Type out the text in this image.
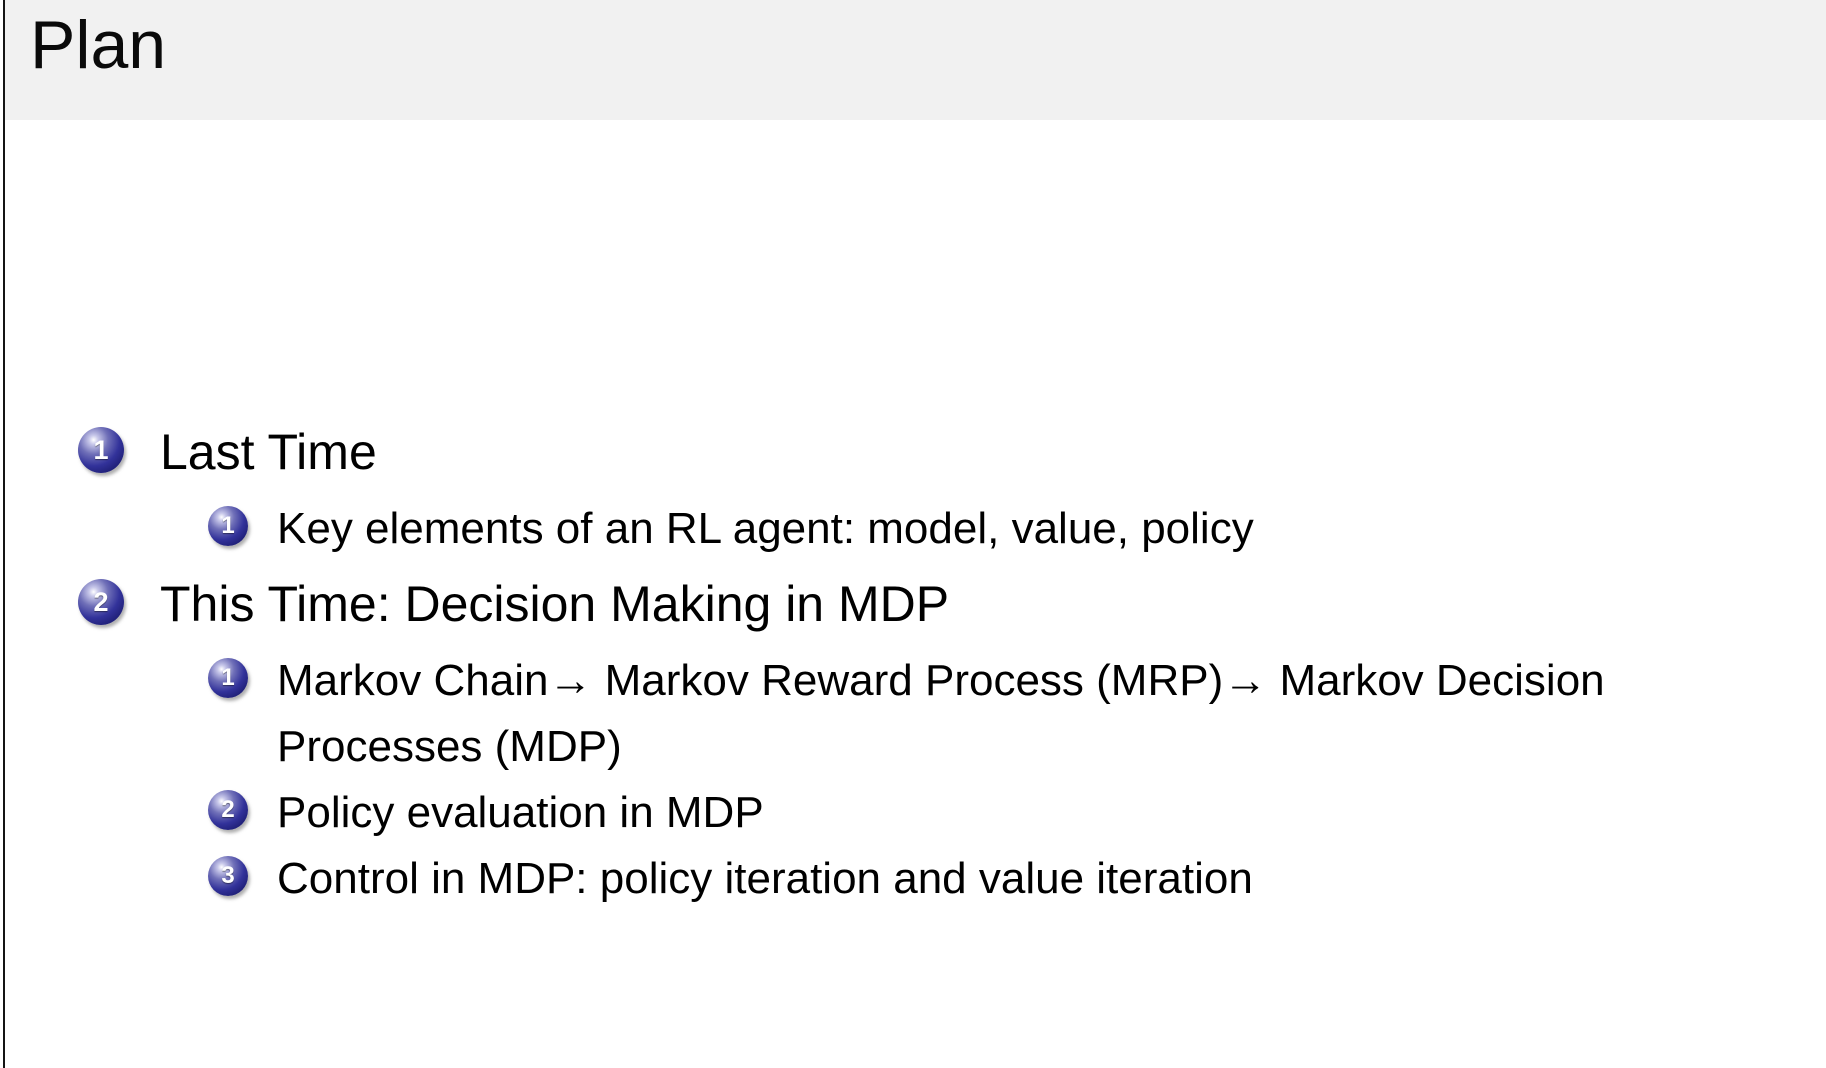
Plan
1 Last Time
1 Key elements of an RL agent: model, value, policy
2 This Time: Decision Making in MDP
1 Markov Chain→ Markov Reward Process (MRP)→ Markov Decision
Processes (MDP)
2 Policy evaluation in MDP
3 Control in MDP: policy iteration and value iteration
